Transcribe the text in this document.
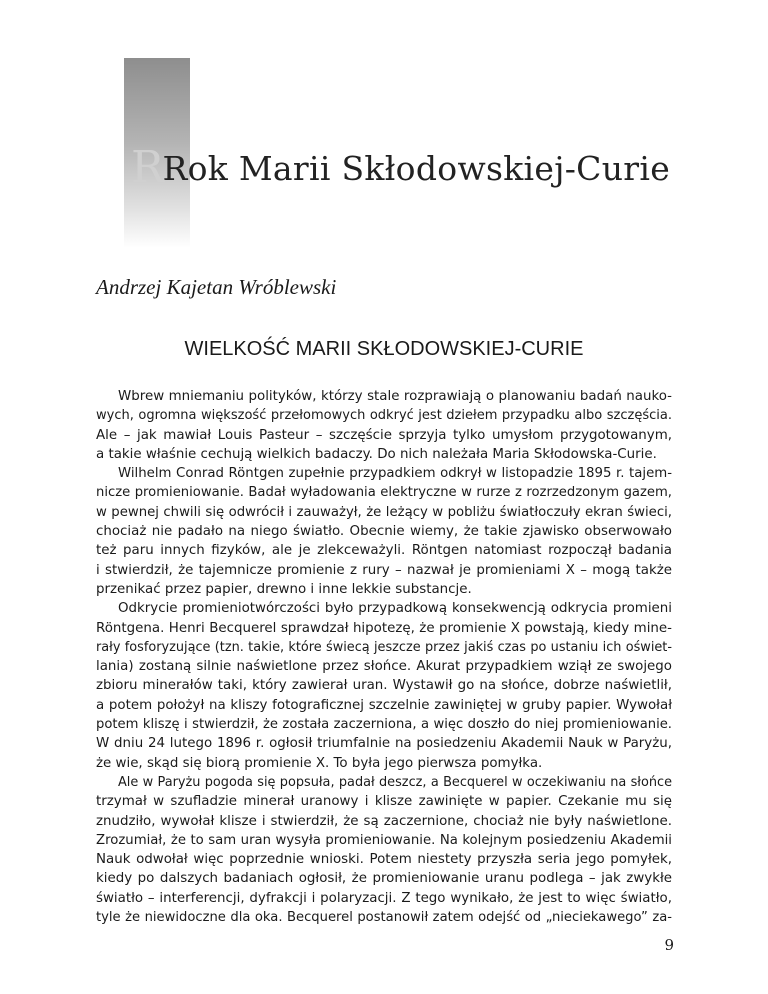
RRok Marii Skłodowskiej-Curie

Andrzej Kajetan Wróblewski

WIELKOŚĆ MARII SKŁODOWSKIEJ-CURIE
Wbrew mniemaniu polityków, którzy stale rozprawiają o planowaniu badań nauko-
wych, ogromna większość przełomowych odkryć jest dziełem przypadku albo szczęścia.
Ale – jak mawiał Louis Pasteur – szczęście sprzyja tylko umysłom przygotowanym,
a takie właśnie cechują wielkich badaczy. Do nich należała Maria Skłodowska-Curie.
Wilhelm Conrad Röntgen zupełnie przypadkiem odkrył w listopadzie 1895 r. tajem-
nicze promieniowanie. Badał wyładowania elektryczne w rurze z rozrzedzonym gazem,
w pewnej chwili się odwrócił i zauważył, że leżący w pobliżu światłoczuły ekran świeci,
chociaż nie padało na niego światło. Obecnie wiemy, że takie zjawisko obserwowało
też paru innych fizyków, ale je zlekceważyli. Röntgen natomiast rozpoczął badania
i stwierdził, że tajemnicze promienie z rury – nazwał je promieniami X – mogą także
przenikać przez papier, drewno i inne lekkie substancje.
Odkrycie promieniotwórczości było przypadkową konsekwencją odkrycia promieni
Röntgena. Henri Becquerel sprawdzał hipotezę, że promienie X powstają, kiedy mine-
rały fosforyzujące (tzn. takie, które świecą jeszcze przez jakiś czas po ustaniu ich oświet-
lania) zostaną silnie naświetlone przez słońce. Akurat przypadkiem wziął ze swojego
zbioru minerałów taki, który zawierał uran. Wystawił go na słońce, dobrze naświetlił,
a potem położył na kliszy fotograficznej szczelnie zawiniętej w gruby papier. Wywołał
potem kliszę i stwierdził, że została zaczerniona, a więc doszło do niej promieniowanie.
W dniu 24 lutego 1896 r. ogłosił triumfalnie na posiedzeniu Akademii Nauk w Paryżu,
że wie, skąd się biorą promienie X. To była jego pierwsza pomyłka.
Ale w Paryżu pogoda się popsuła, padał deszcz, a Becquerel w oczekiwaniu na słońce
trzymał w szufladzie minerał uranowy i klisze zawinięte w papier. Czekanie mu się
znudziło, wywołał klisze i stwierdził, że są zaczernione, chociaż nie były naświetlone.
Zrozumiał, że to sam uran wysyła promieniowanie. Na kolejnym posiedzeniu Akademii
Nauk odwołał więc poprzednie wnioski. Potem niestety przyszła seria jego pomyłek,
kiedy po dalszych badaniach ogłosił, że promieniowanie uranu podlega – jak zwykłe
światło – interferencji, dyfrakcji i polaryzacji. Z tego wynikało, że jest to więc światło,
tyle że niewidoczne dla oka. Becquerel postanowił zatem odejść od „nieciekawego” za-
9
